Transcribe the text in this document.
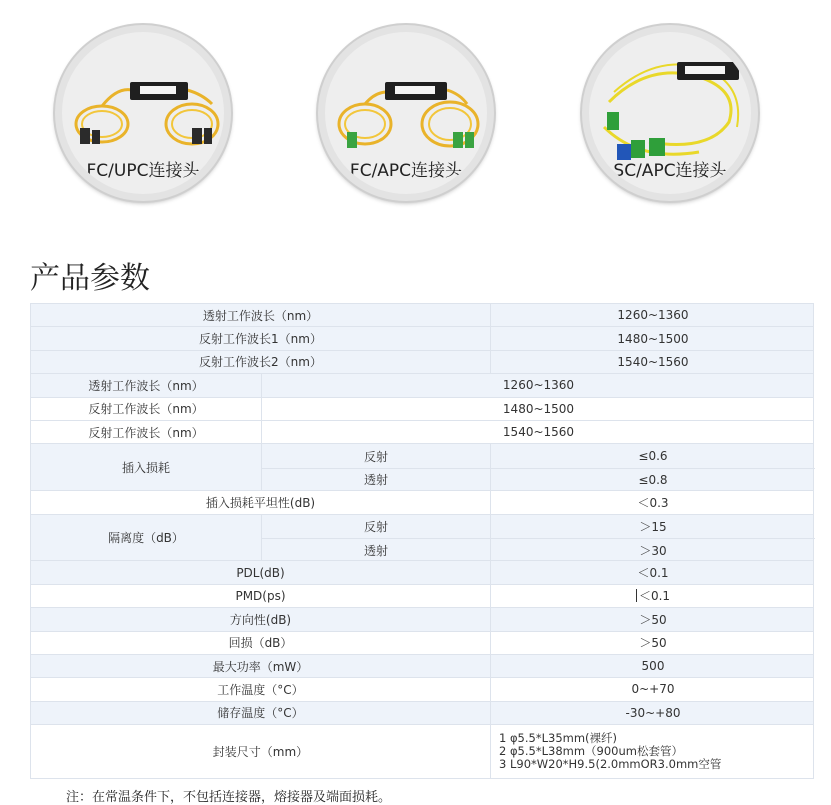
FC/UPC连接头	FC/APC连接头	SC/APC连接头
产品参数
透射工作波长（nm）	1260~1360
反射工作波长1（nm）	1480~1500
反射工作波长2（nm）	1540~1560
透射工作波长（nm）	1260~1360
反射工作波长（nm）	1480~1500
反射工作波长（nm）	1540~1560
插入损耗
反射	≤0.6
透射	≤0.8
插入损耗平坦性(dB)	＜0.3
隔离度（dB）
反射	＞15
透射	＞30
PDL(dB)	＜0.1
PMD(ps)	＜0.1
方向性(dB)	＞50
回损（dB）	＞50
最大功率（mW）	500
工作温度（°C）	0~+70
储存温度（°C）	-30~+80
封装尺寸（mm）
1 φ5.5*L35mm(裸纤)
2 φ5.5*L38mm（900um松套管）
3 L90*W20*H9.5(2.0mmOR3.0mm空管
注：在常温条件下，不包括连接器，熔接器及端面损耗。
